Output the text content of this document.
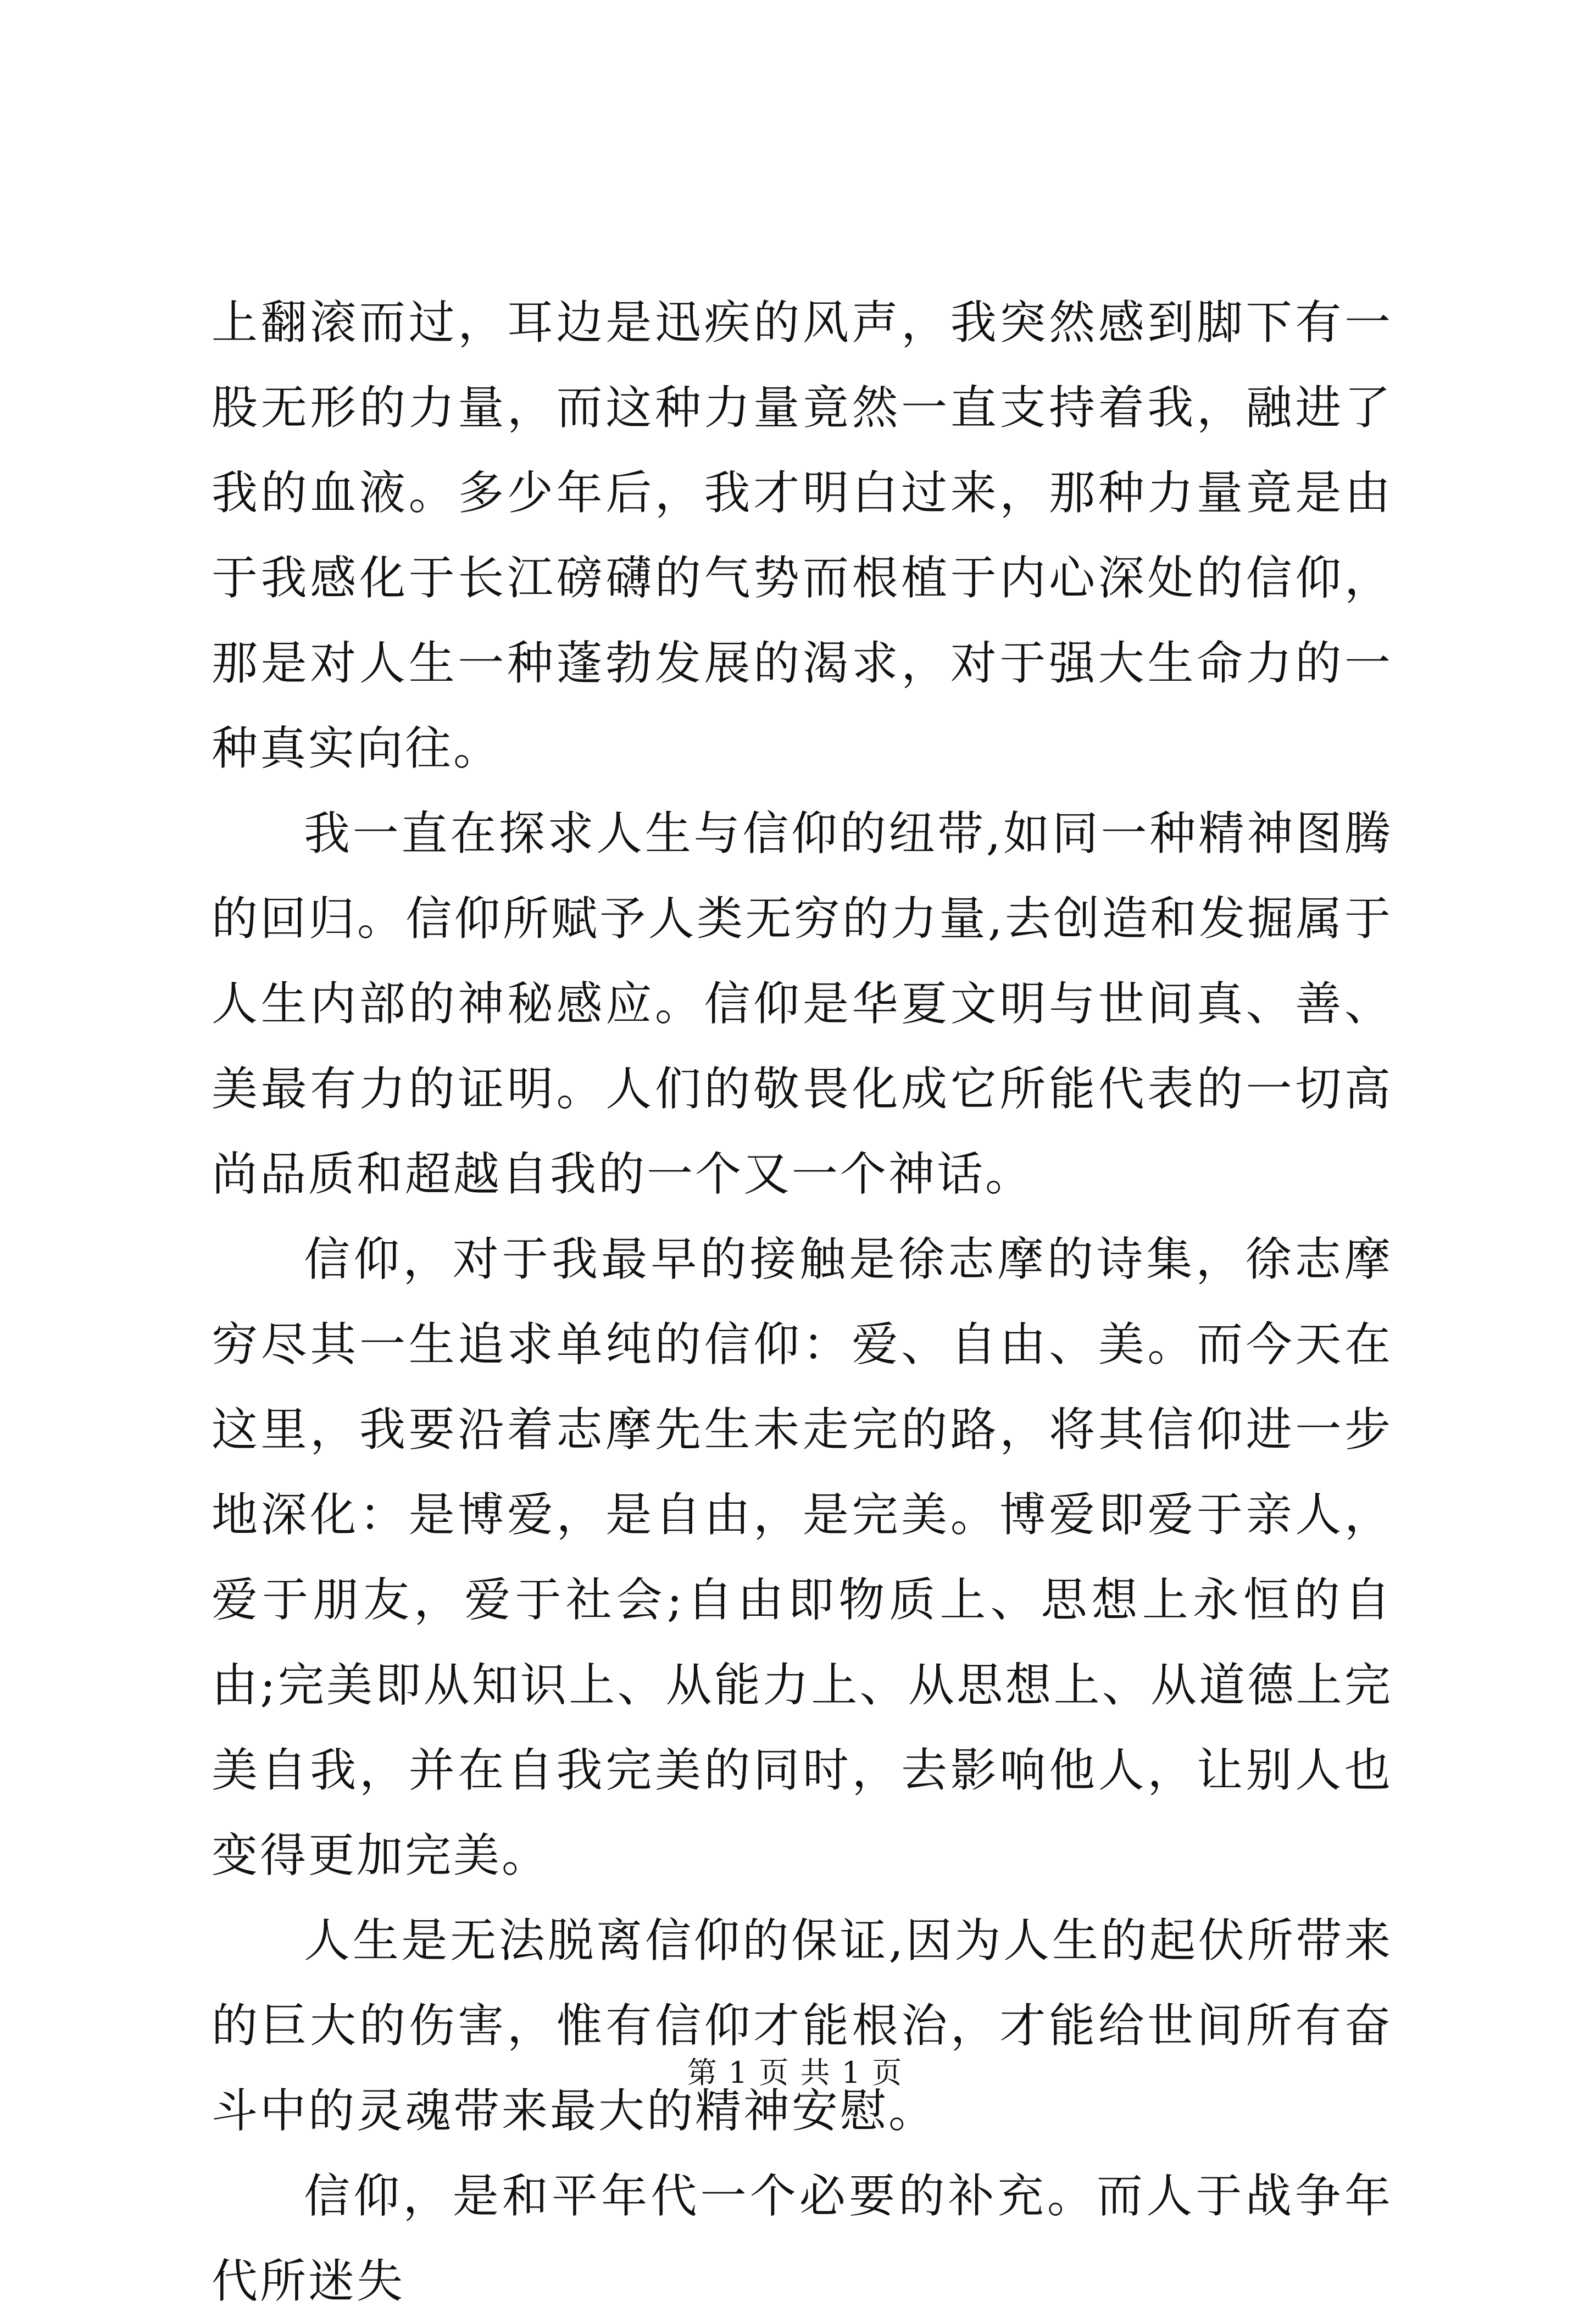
上翻滚而过，耳边是迅疾的风声，我突然感到脚下有一股无形的力量，而这种力量竟然一直支持着我，融进了我的血液。多少年后，我才明白过来，那种力量竟是由于我感化于长江磅礴的气势而根植于内心深处的信仰，那是对人生一种蓬勃发展的渴求，对于强大生命力的一种真实向往。

我一直在探求人生与信仰的纽带,如同一种精神图腾的回归。信仰所赋予人类无穷的力量,去创造和发掘属于人生内部的神秘感应。信仰是华夏文明与世间真、善、美最有力的证明。人们的敬畏化成它所能代表的一切高尚品质和超越自我的一个又一个神话。

信仰，对于我最早的接触是徐志摩的诗集，徐志摩穷尽其一生追求单纯的信仰：爱、自由、美。而今天在这里，我要沿着志摩先生未走完的路，将其信仰进一步地深化：是博爱，是自由，是完美。博爱即爱于亲人，爱于朋友，爱于社会;自由即物质上、思想上永恒的自由;完美即从知识上、从能力上、从思想上、从道德上完美自我，并在自我完美的同时，去影响他人，让别人也变得更加完美。

人生是无法脱离信仰的保证,因为人生的起伏所带来的巨大的伤害，惟有信仰才能根治，才能给世间所有奋斗中的灵魂带来最大的精神安慰。

信仰，是和平年代一个必要的补充。而人于战争年代所迷失

第 1 页 共 1 页
